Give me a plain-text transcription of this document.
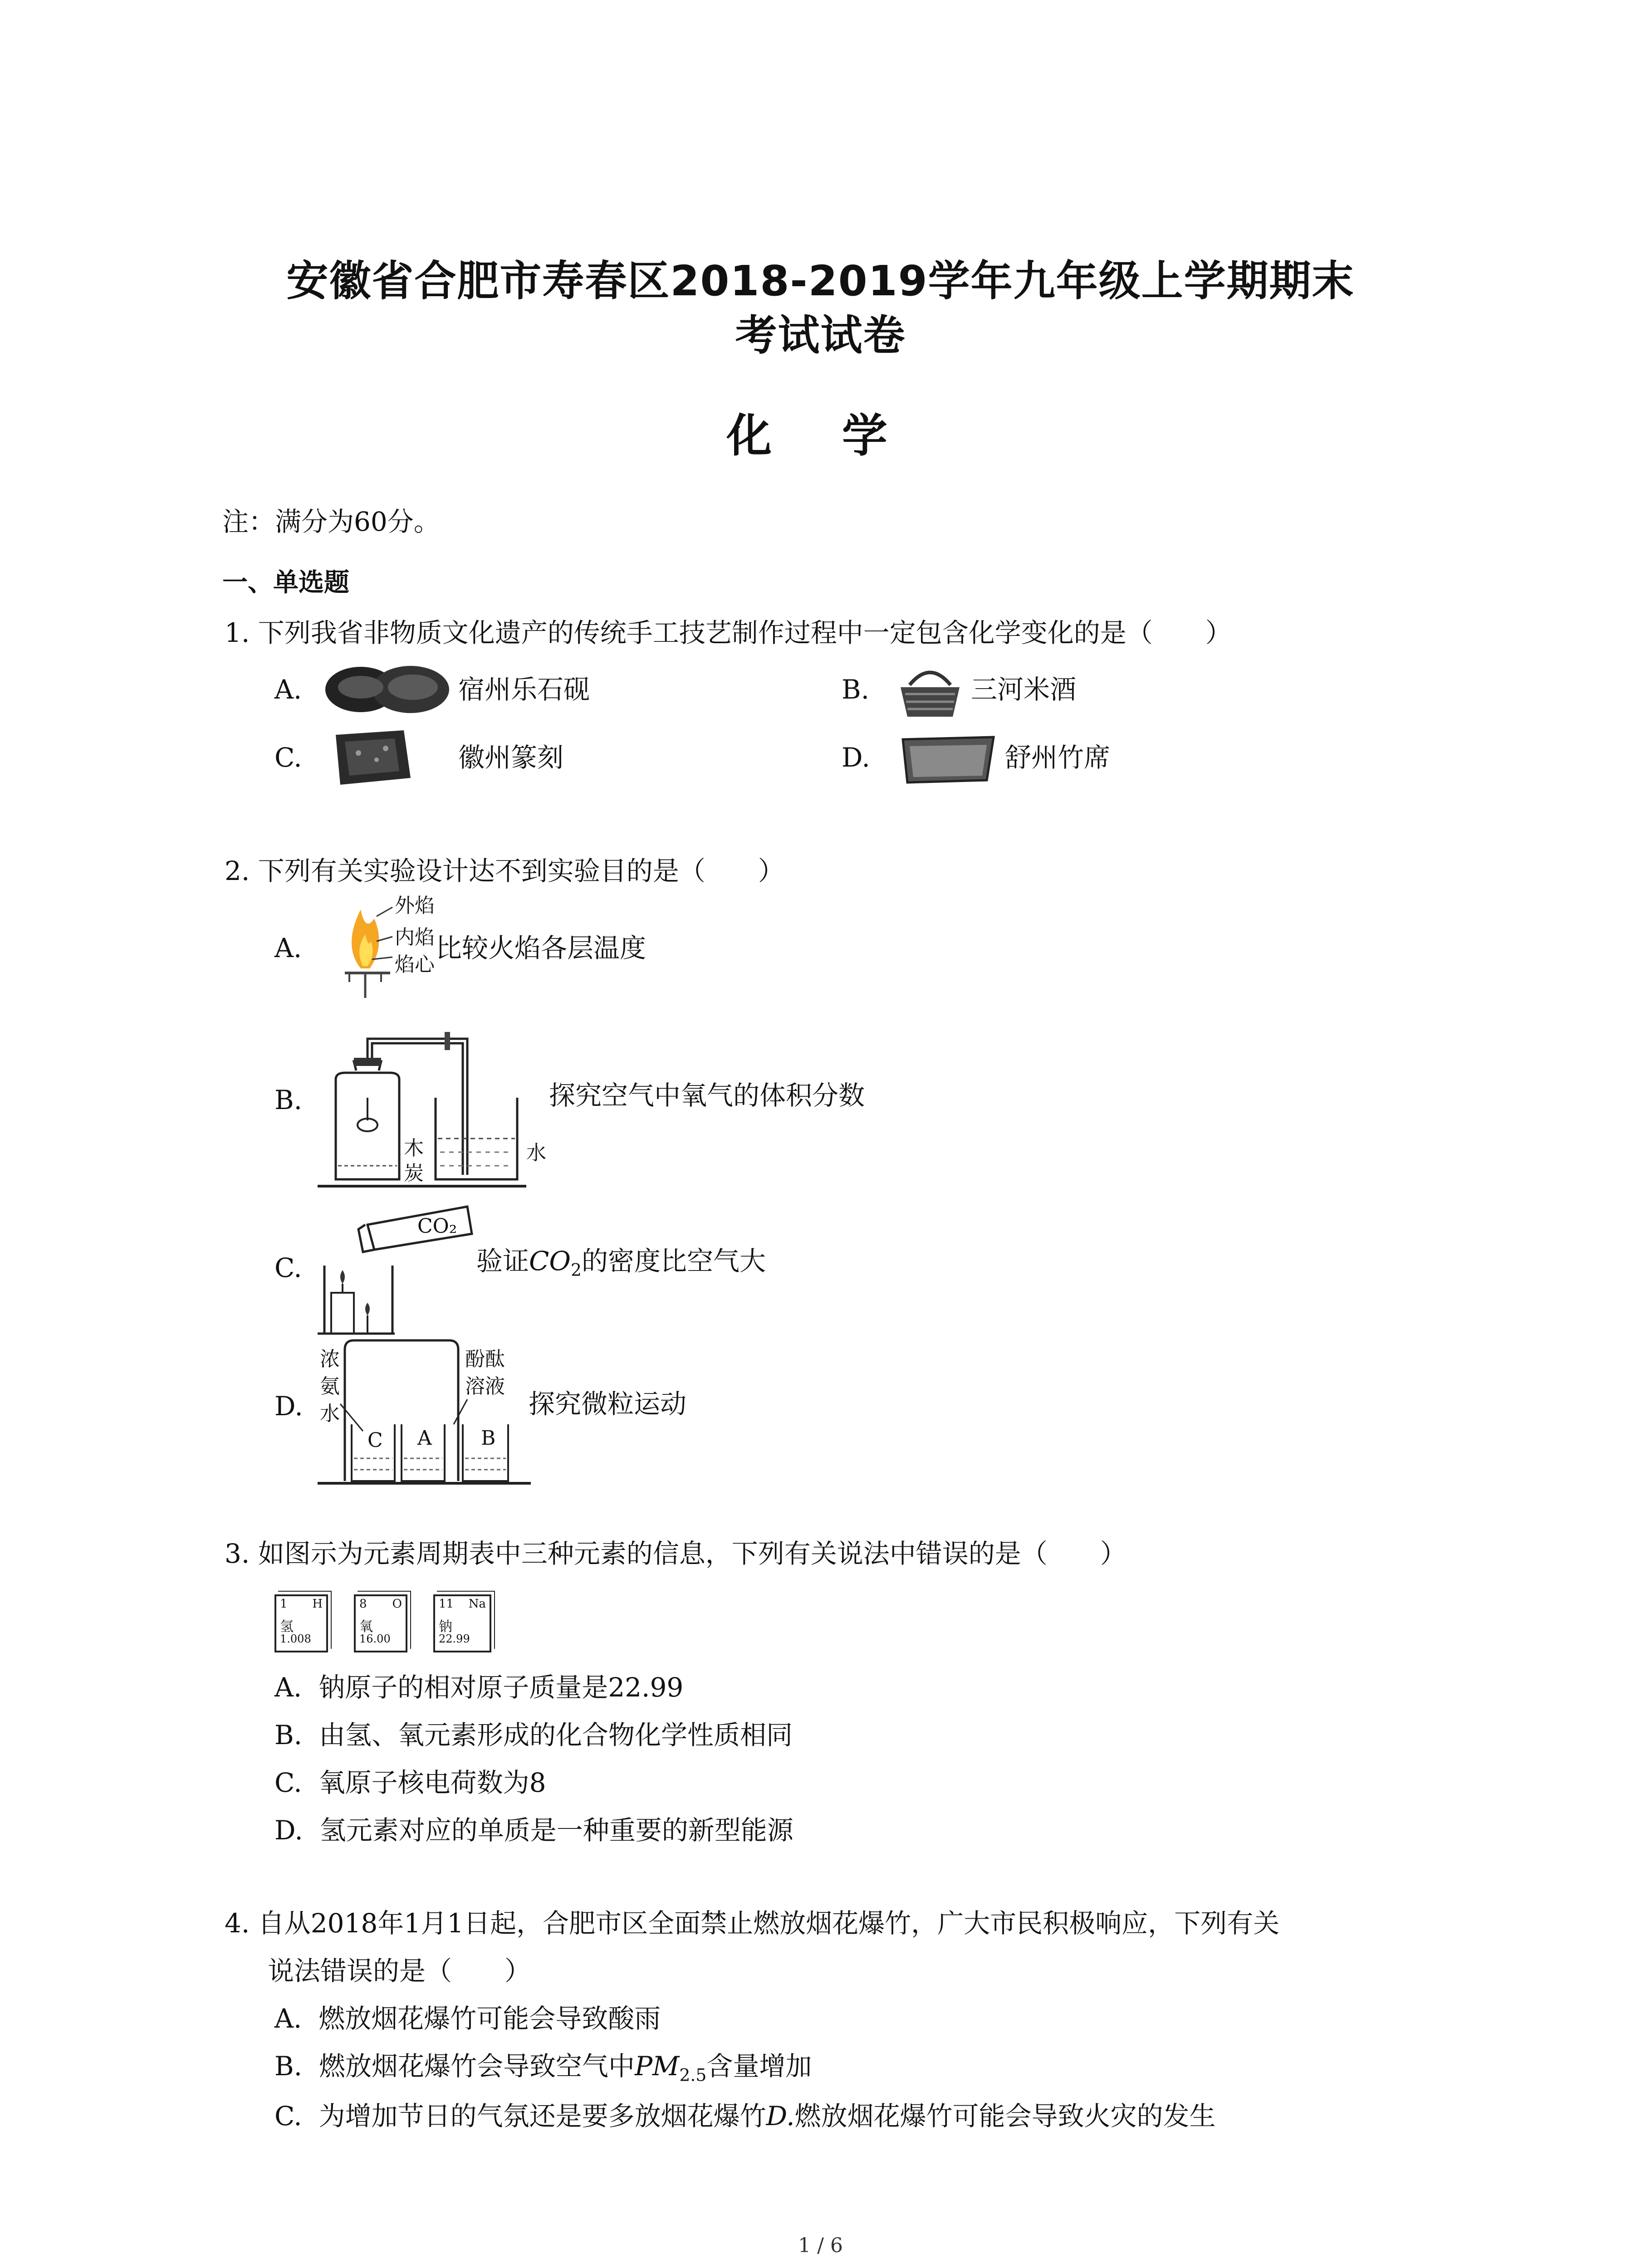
安徽省合肥市寿春区2018-2019学年九年级上学期期末
考试试卷
化 学
注：满分为60分。
一、单选题
1. 下列我省非物质文化遗产的传统手工技艺制作过程中一定包含化学变化的是（　　）
A.	宿州乐石砚	B.	三河米酒
C.	徽州篆刻	D.	舒州竹席
2. 下列有关实验设计达不到实验目的是（　　）
A.
外焰
内焰
焰心
比较火焰各层温度
B.
木
炭
水
探究空气中氧气的体积分数
C.
CO₂
验证$CO_2$的密度比空气大
D.
浓
氨
水
酚酞
溶液
C A B
探究微粒运动
3. 如图示为元素周期表中三种元素的信息，下列有关说法中错误的是（　　）
1 H
氢
1.008
8 O
氧
16.00
11 Na
钠
22.99
A. 钠原子的相对原子质量是22.99
B. 由氢、氧元素形成的化合物化学性质相同
C. 氧原子核电荷数为8
D. 氢元素对应的单质是一种重要的新型能源
4. 自从2018年1月1日起，合肥市区全面禁止燃放烟花爆竹，广大市民积极响应，下列有关
说法错误的是（　　）
A. 燃放烟花爆竹可能会导致酸雨
B. 燃放烟花爆竹会导致空气中$PM_{2.5}$含量增加
C. 为增加节日的气氛还是要多放烟花爆竹D.燃放烟花爆竹可能会导致火灾的发生
1 / 6
